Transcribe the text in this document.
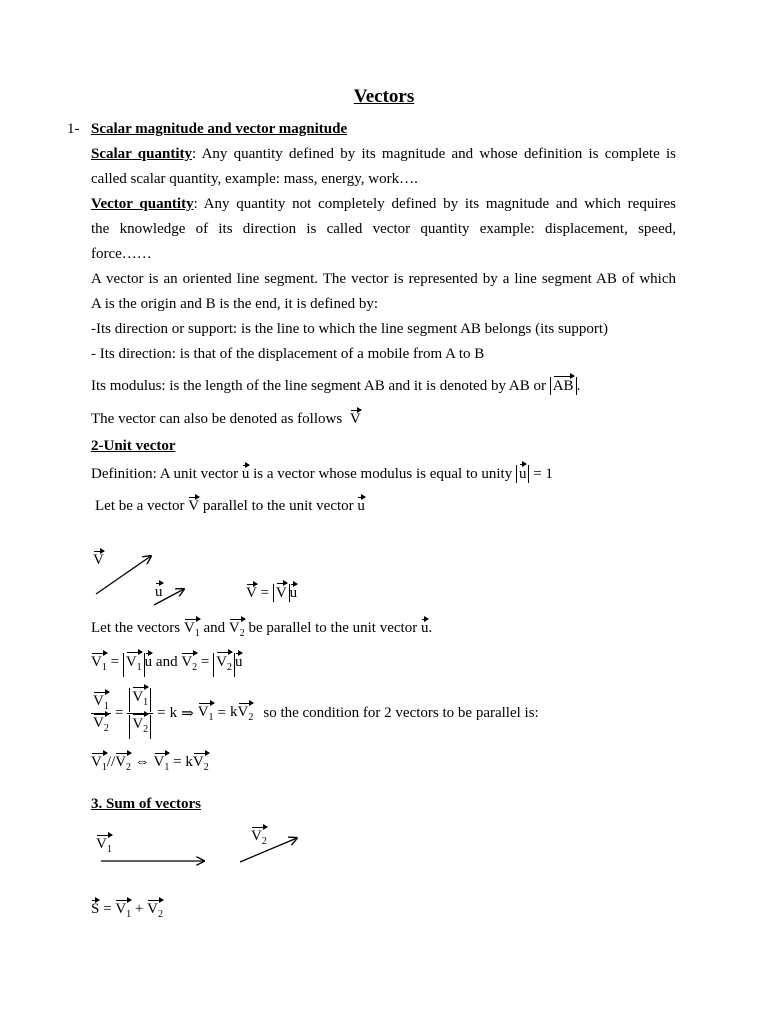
Vectors
1- Scalar magnitude and vector magnitude
Scalar quantity: Any quantity defined by its magnitude and whose definition is complete is
called scalar quantity, example: mass, energy, work….
Vector quantity: Any quantity not completely defined by its magnitude and which requires
the knowledge of its direction is called vector quantity example: displacement, speed,
force……
A vector is an oriented line segment. The vector is represented by a line segment AB of which
A is the origin and B is the end, it is defined by:
-Its direction or support: is the line to which the line segment AB belongs (its support)
- Its direction: is that of the displacement of a mobile from A to B
Its modulus: is the length of the line segment AB and it is denoted by AB or AB .
The vector can also be denoted as follows V
2-Unit vector
Definition: A unit vector u is a vector whose modulus is equal to unity u = 1
Let be a vector V parallel to the unit vector u
V
u	V = V u
Let the vectors $V_1$ and $V_2$ be parallel to the unit vector u.
$V_1 = V_1$ u and $V_2 = V_2$ u
$\frac{V_1}{V_2} = \frac{V_1}{V_2} = k$ ⇒ $V_1 = kV_2$ so the condition for 2 vectors to be parallel is:
$V_1//V_2$ ⇔ $V_1 = kV_2$
3. Sum of vectors
$V_1$
$V_2$
$S = V_1 + V_2$
